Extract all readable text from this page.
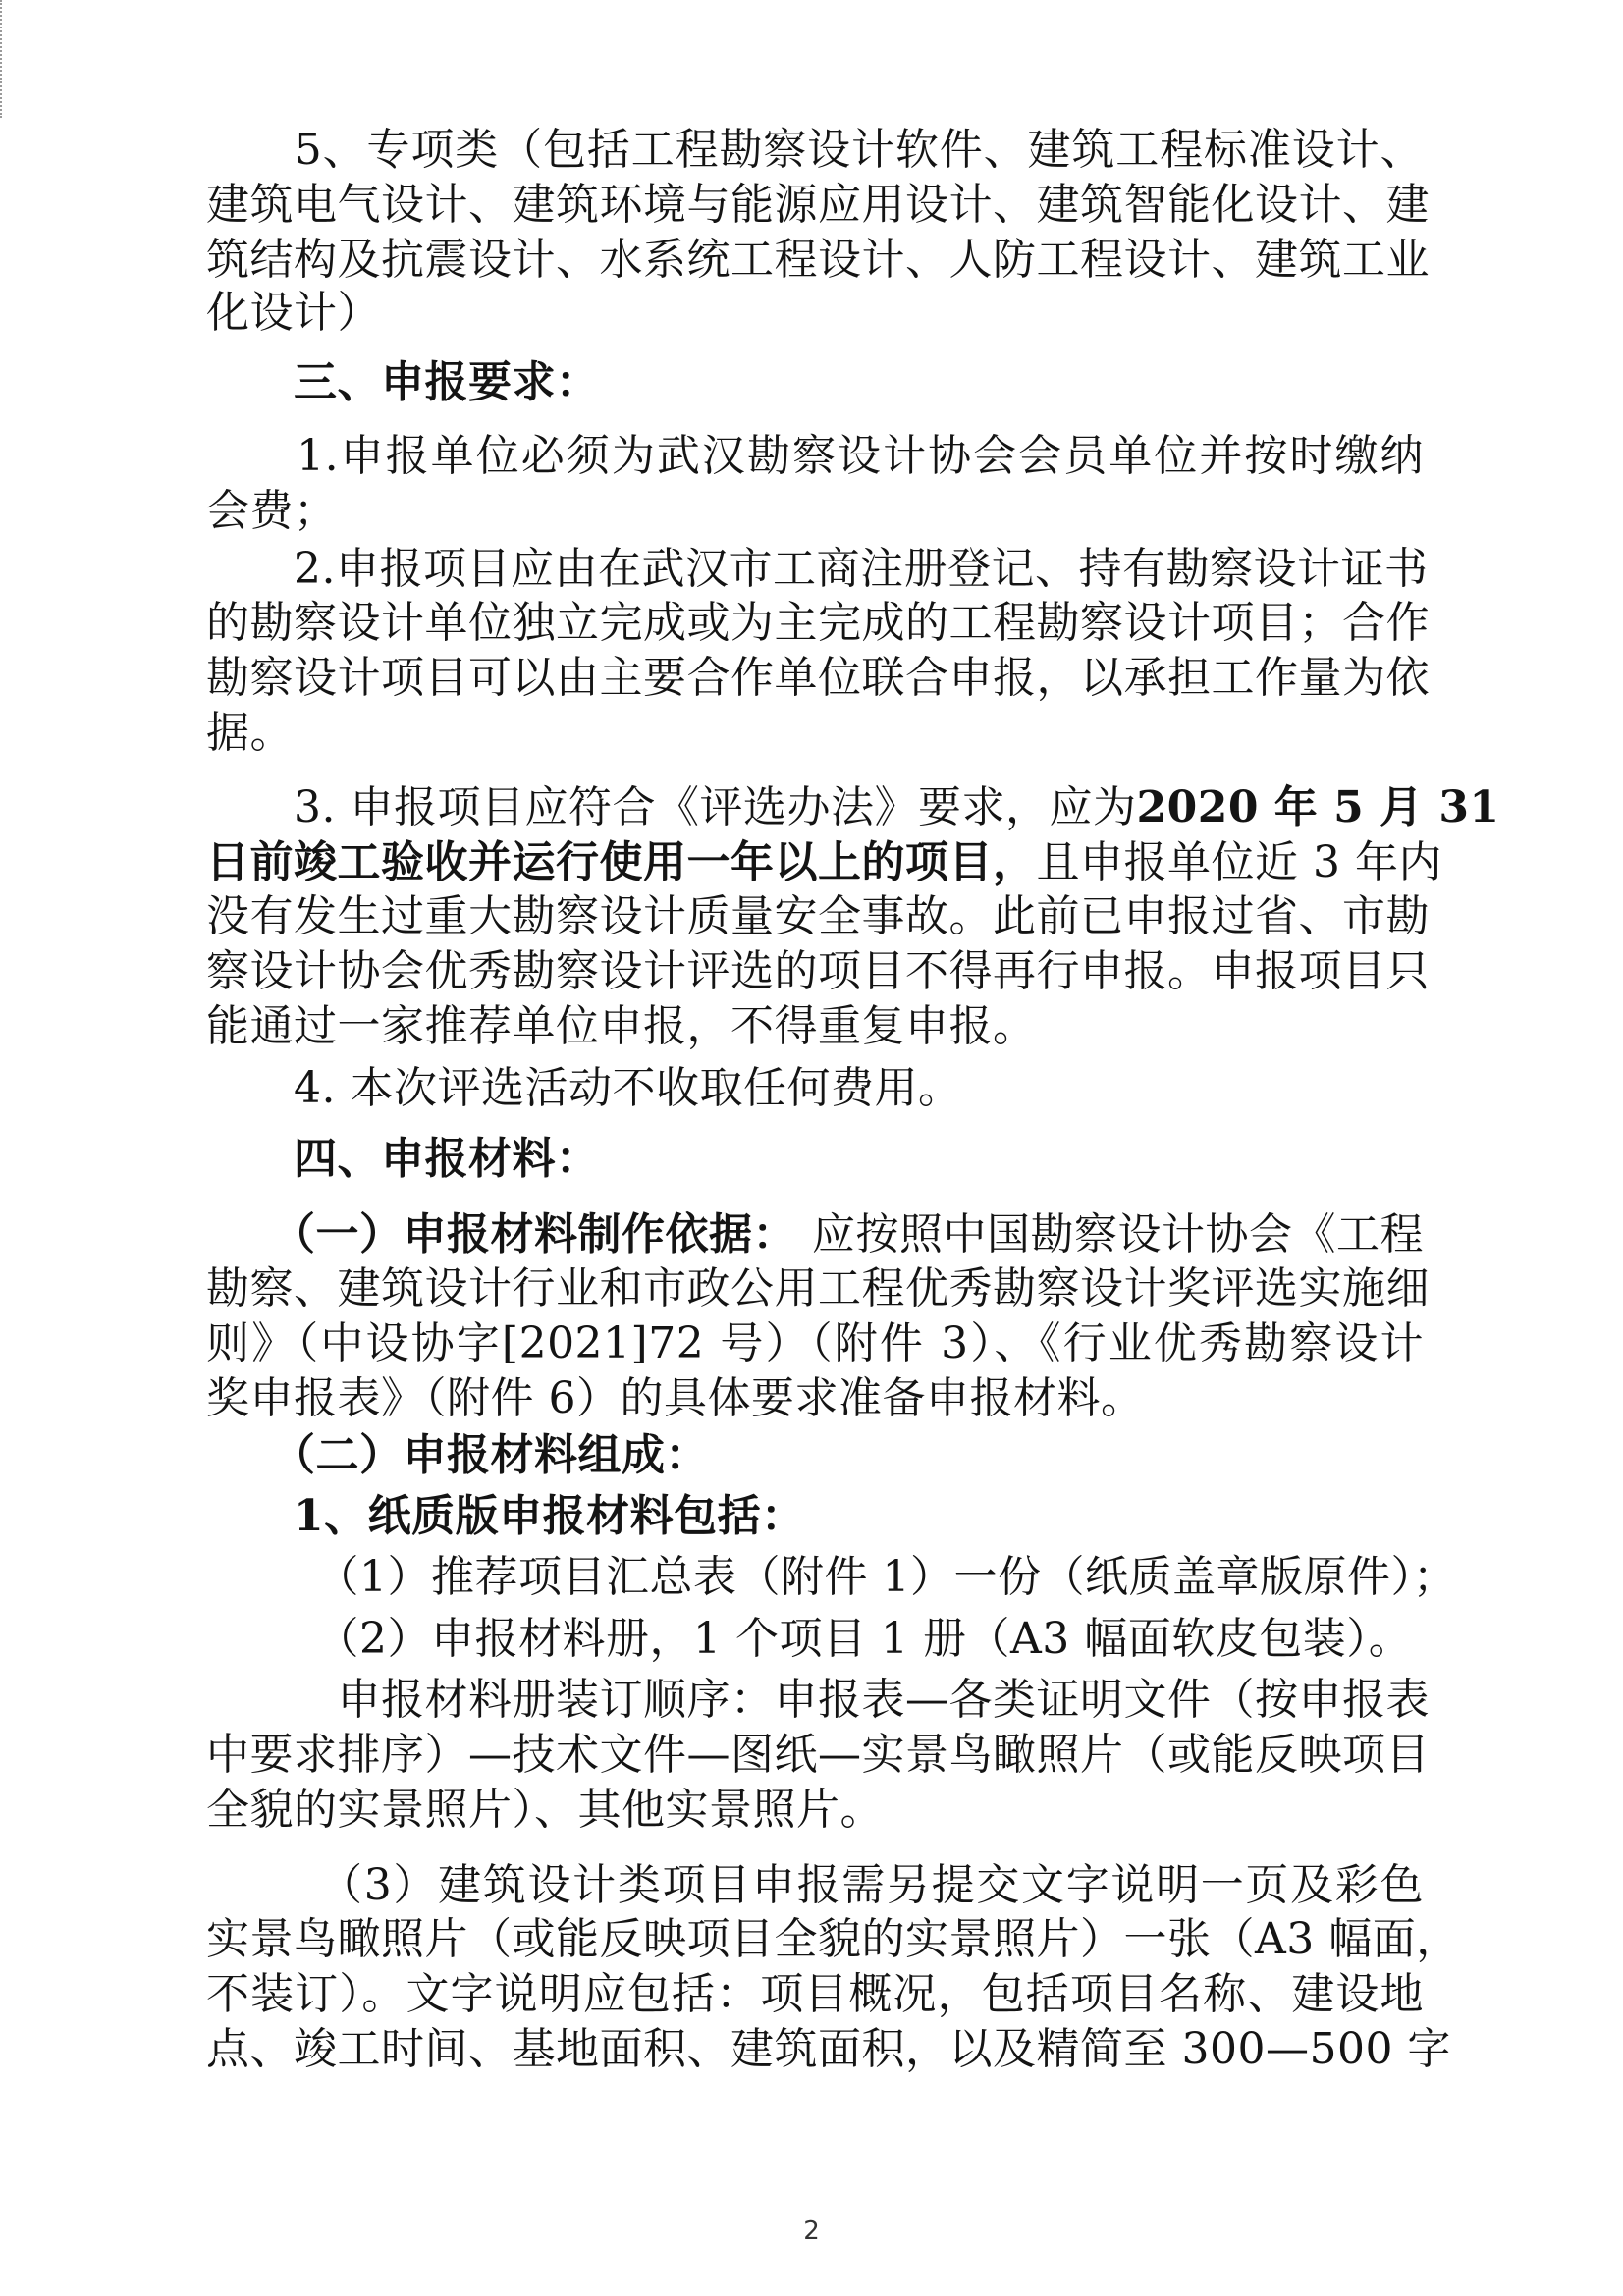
　　5、专项类（包括工程勘察设计软件、建筑工程标准设计、
建筑电气设计、建筑环境与能源应用设计、建筑智能化设计、建
筑结构及抗震设计、水系统工程设计、人防工程设计、建筑工业
化设计）
　　三、申报要求：
　　1.申报单位必须为武汉勘察设计协会会员单位并按时缴纳
会费；
　　2.申报项目应由在武汉市工商注册登记、持有勘察设计证书
的勘察设计单位独立完成或为主完成的工程勘察设计项目；合作
勘察设计项目可以由主要合作单位联合申报，以承担工作量为依
据。
　　3. 申报项目应符合《评选办法》要求，应为 2020 年 5 月 31
日前竣工验收并运行使用一年以上的项目， 且申报单位近 3 年内
没有发生过重大勘察设计质量安全事故。此前已申报过省、市勘
察设计协会优秀勘察设计评选的项目不得再行申报。申报项目只
能通过一家推荐单位申报，不得重复申报。
　　4. 本次评选活动不收取任何费用。
　　四、申报材料：
　　（一）申报材料制作依据： 应按照中国勘察设计协会《工程
勘察、建筑设计行业和市政公用工程优秀勘察设计奖评选实施细
则》（中设协字[2021]72 号）（附件 3）、《行业优秀勘察设计
奖申报表》（附件 6）的具体要求准备申报材料。
　　（二）申报材料组成：
　　1、纸质版申报材料包括：
　　　（1）推荐项目汇总表（附件 1）一份（纸质盖章版原件）；
　　　（2）申报材料册，1 个项目 1 册（A3 幅面软皮包装）。
　　　申报材料册装订顺序：申报表—各类证明文件（按申报表
中要求排序）—技术文件—图纸—实景鸟瞰照片（或能反映项目
全貌的实景照片）、其他实景照片。
　　　（3）建筑设计类项目申报需另提交文字说明一页及彩色
实景鸟瞰照片（或能反映项目全貌的实景照片）一张（A3 幅面，
不装订）。文字说明应包括：项目概况，包括项目名称、建设地
点、竣工时间、基地面积、建筑面积，以及精简至 300—500 字
2
